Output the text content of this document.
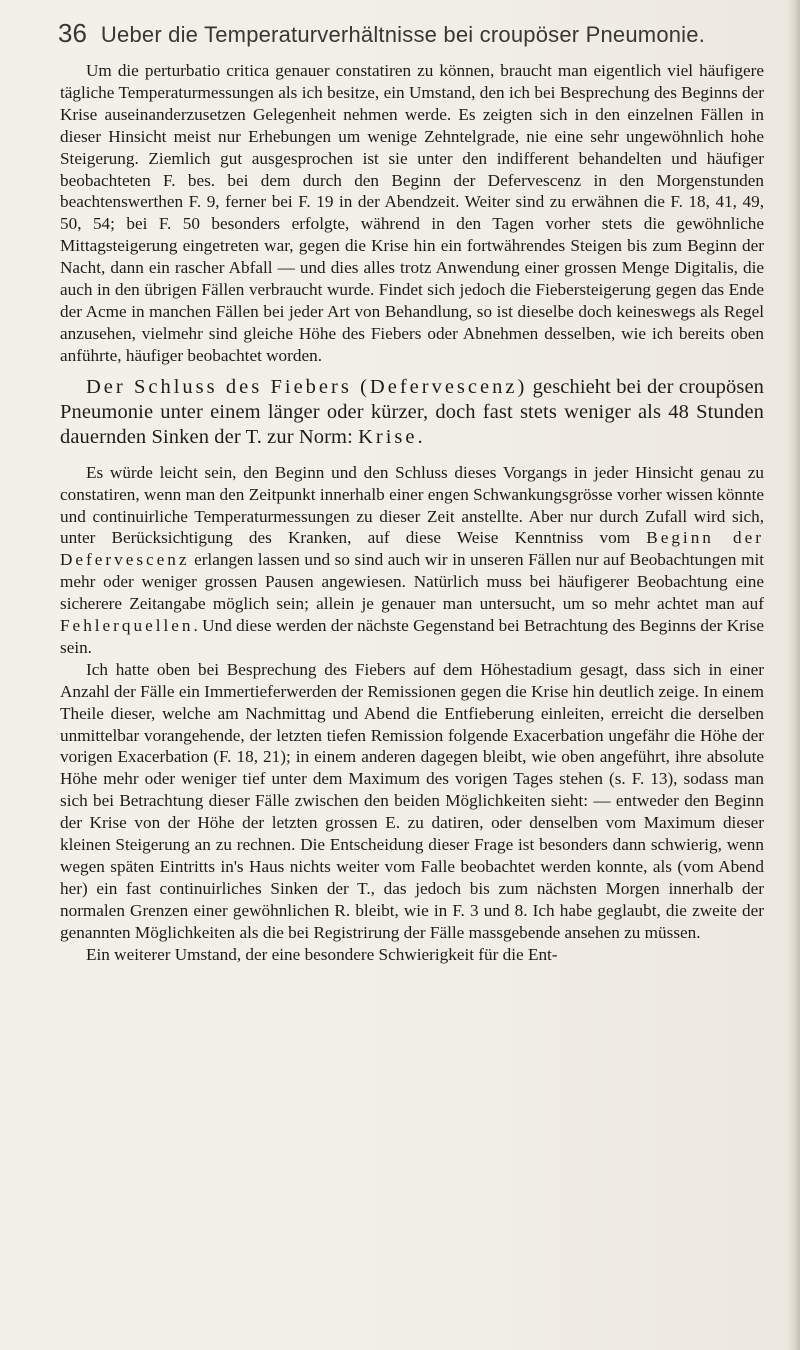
36 Ueber die Temperaturverhältnisse bei croupöser Pneumonie.

Um die perturbatio critica genauer constatiren zu können, braucht man eigentlich viel häufigere tägliche Temperaturmessungen als ich besitze, ein Umstand, den ich bei Besprechung des Beginns der Krise auseinanderzusetzen Gelegenheit nehmen werde. Es zeigten sich in den einzelnen Fällen in dieser Hinsicht meist nur Erhebungen um wenige Zehntelgrade, nie eine sehr ungewöhnlich hohe Steigerung. Ziemlich gut ausgesprochen ist sie unter den indifferent behandelten und häufiger beobachteten F. bes. bei dem durch den Beginn der Defervescenz in den Morgenstunden beachtenswerthen F. 9, ferner bei F. 19 in der Abendzeit. Weiter sind zu erwähnen die F. 18, 41, 49, 50, 54; bei F. 50 besonders erfolgte, während in den Tagen vorher stets die gewöhnliche Mittagsteigerung eingetreten war, gegen die Krise hin ein fortwährendes Steigen bis zum Beginn der Nacht, dann ein rascher Abfall — und dies alles trotz Anwendung einer grossen Menge Digitalis, die auch in den übrigen Fällen verbraucht wurde. Findet sich jedoch die Fiebersteigerung gegen das Ende der Acme in manchen Fällen bei jeder Art von Behandlung, so ist dieselbe doch keineswegs als Regel anzusehen, vielmehr sind gleiche Höhe des Fiebers oder Abnehmen desselben, wie ich bereits oben anführte, häufiger beobachtet worden.

Der Schluss des Fiebers (Defervescenz) geschieht bei der croupösen Pneumonie unter einem länger oder kürzer, doch fast stets weniger als 48 Stunden dauernden Sinken der T. zur Norm: Krise.

Es würde leicht sein, den Beginn und den Schluss dieses Vorgangs in jeder Hinsicht genau zu constatiren, wenn man den Zeitpunkt innerhalb einer engen Schwankungsgrösse vorher wissen könnte und continuirliche Temperaturmessungen zu dieser Zeit anstellte. Aber nur durch Zufall wird sich, unter Berücksichtigung des Kranken, auf diese Weise Kenntniss vom Beginn der Defervescenz erlangen lassen und so sind auch wir in unseren Fällen nur auf Beobachtungen mit mehr oder weniger grossen Pausen angewiesen. Natürlich muss bei häufigerer Beobachtung eine sicherere Zeitangabe möglich sein; allein je genauer man untersucht, um so mehr achtet man auf Fehlerquellen. Und diese werden der nächste Gegenstand bei Betrachtung des Beginns der Krise sein.

Ich hatte oben bei Besprechung des Fiebers auf dem Höhestadium gesagt, dass sich in einer Anzahl der Fälle ein Immertieferwerden der Remissionen gegen die Krise hin deutlich zeige. In einem Theile dieser, welche am Nachmittag und Abend die Entfieberung einleiten, erreicht die derselben unmittelbar vorangehende, der letzten tiefen Remission folgende Exacerbation ungefähr die Höhe der vorigen Exacerbation (F. 18, 21); in einem anderen dagegen bleibt, wie oben angeführt, ihre absolute Höhe mehr oder weniger tief unter dem Maximum des vorigen Tages stehen (s. F. 13), sodass man sich bei Betrachtung dieser Fälle zwischen den beiden Möglichkeiten sieht: — entweder den Beginn der Krise von der Höhe der letzten grossen E. zu datiren, oder denselben vom Maximum dieser kleinen Steigerung an zu rechnen. Die Entscheidung dieser Frage ist besonders dann schwierig, wenn wegen späten Eintritts in's Haus nichts weiter vom Falle beobachtet werden konnte, als (vom Abend her) ein fast continuirliches Sinken der T., das jedoch bis zum nächsten Morgen innerhalb der normalen Grenzen einer gewöhnlichen R. bleibt, wie in F. 3 und 8. Ich habe geglaubt, die zweite der genannten Möglichkeiten als die bei Registrirung der Fälle massgebende ansehen zu müssen.

Ein weiterer Umstand, der eine besondere Schwierigkeit für die Ent-
